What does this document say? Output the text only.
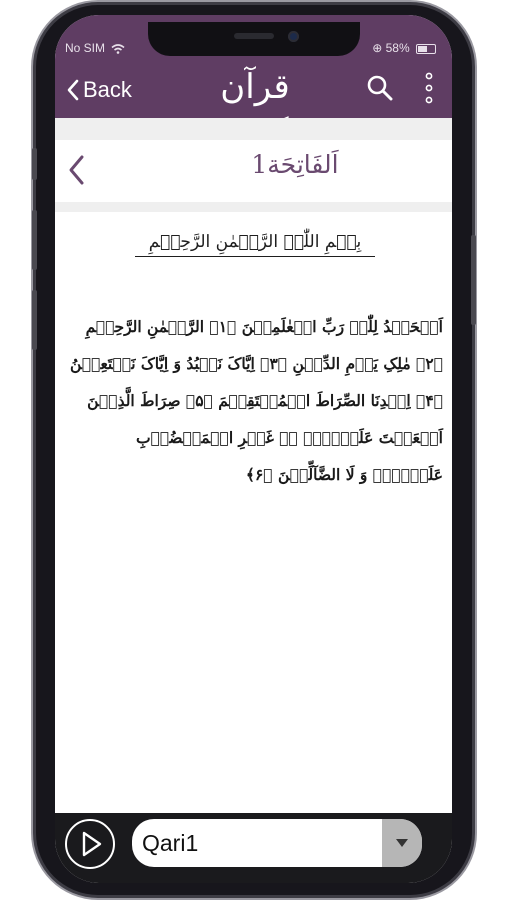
No SIM	⊕ 58%
Back	قرآن
اَلفَاتِحَة1
بِسۡمِ اللّٰہِ الرَّحۡمٰنِ الرَّحِیۡمِ
اَلۡحَمۡدُ لِلّٰہِ رَبِّ الۡعٰلَمِیۡنَ ﴿۱﴾ الرَّحۡمٰنِ الرَّحِیۡمِ ﴿۲﴾ مٰلِکِ یَوۡمِ الدِّیۡنِ ﴿۳﴾ اِیَّاکَ نَعۡبُدُ وَ اِیَّاکَ نَسۡتَعِیۡنُ ﴿۴﴾ اِہۡدِنَا الصِّرَاطَ الۡمُسۡتَقِیۡمَ ﴿۵﴾ صِرَاطَ الَّذِیۡنَ اَنۡعَمۡتَ عَلَیۡہِمۡ ۬ۙ غَیۡرِ الۡمَغۡضُوۡبِ عَلَیۡہِمۡ وَ لَا الضَّآلِّیۡنَ ﴿۶﴾
Qari1
